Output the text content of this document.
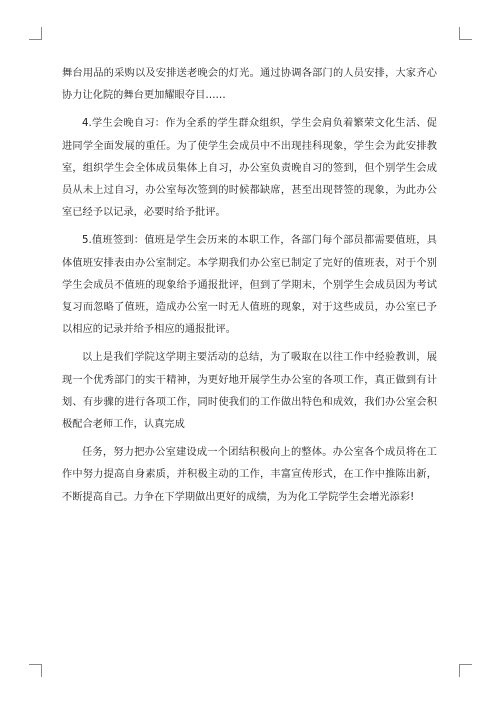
舞台用品的采购以及安排送老晚会的灯光。通过协调各部门的人员安排，大家齐心协力让化院的舞台更加耀眼夺目……

4.学生会晚自习：作为全系的学生群众组织，学生会肩负着繁荣文化生活、促进同学全面发展的重任。为了使学生会成员中不出现挂科现象，学生会为此安排教室，组织学生会全体成员集体上自习，办公室负责晚自习的签到，但个别学生会成员从未上过自习，办公室每次签到的时候都缺席，甚至出现替签的现象，为此办公室已经予以记录，必要时给予批评。

5.值班签到：值班是学生会历来的本职工作，各部门每个部员都需要值班，具体值班安排表由办公室制定。本学期我们办公室已制定了完好的值班表，对于个别学生会成员不值班的现象给予通报批评，但到了学期末，个别学生会成员因为考试复习而忽略了值班，造成办公室一时无人值班的现象，对于这些成员，办公室已予以相应的记录并给予相应的通报批评。

以上是我们学院这学期主要活动的总结，为了吸取在以往工作中经验教训，展现一个优秀部门的实干精神，为更好地开展学生办公室的各项工作，真正做到有计划、有步骤的进行各项工作，同时使我们的工作做出特色和成效，我们办公室会积极配合老师工作，认真完成

任务，努力把办公室建设成一个团结积极向上的整体。办公室各个成员将在工作中努力提高自身素质，并积极主动的工作，丰富宣传形式，在工作中推陈出新，不断提高自己。力争在下学期做出更好的成绩，为为化工学院学生会增光添彩!
